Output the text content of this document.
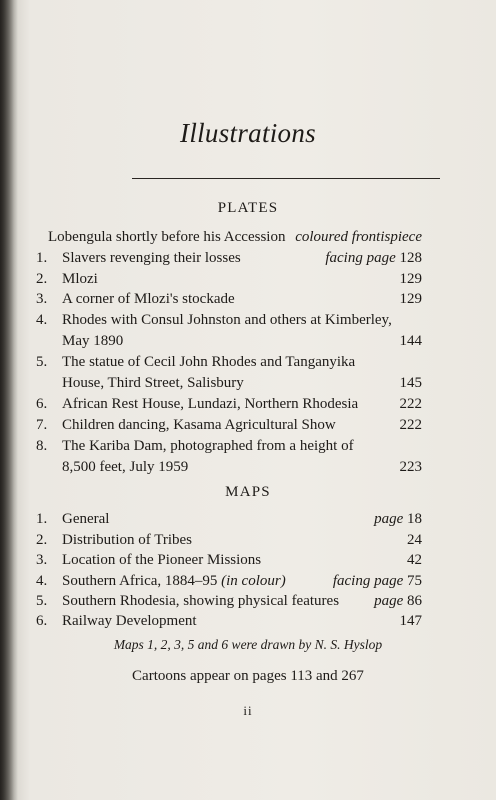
Illustrations
PLATES
Lobengula shortly before his Accession coloured frontispiece
1. Slavers revenging their losses	facing page 128
2. Mlozi	129
3. A corner of Mlozi's stockade	129
4. Rhodes with Consul Johnston and others at Kimberley,
May 1890	144
5. The statue of Cecil John Rhodes and Tanganyika
House, Third Street, Salisbury	145
6. African Rest House, Lundazi, Northern Rhodesia	222
7. Children dancing, Kasama Agricultural Show	222
8. The Kariba Dam, photographed from a height of
8,500 feet, July 1959	223
MAPS
1. General	page 18
2. Distribution of Tribes	24
3. Location of the Pioneer Missions	42
4. Southern Africa, 1884–95 (in colour)	facing page 75
5. Southern Rhodesia, showing physical features	page 86
6. Railway Development	147
Maps 1, 2, 3, 5 and 6 were drawn by N. S. Hyslop
Cartoons appear on pages 113 and 267
ii
